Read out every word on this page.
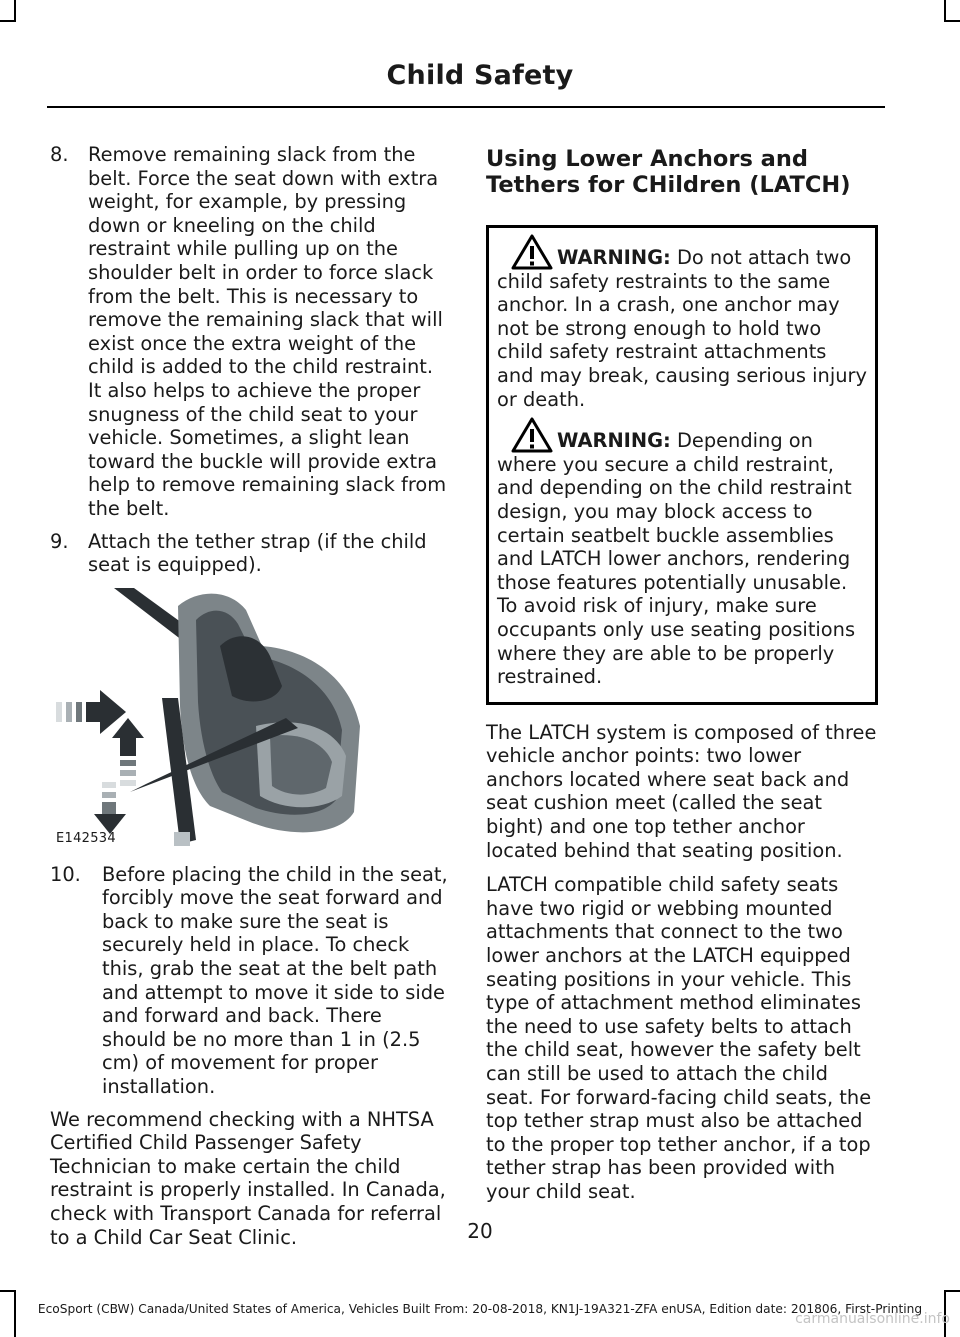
Child Safety
8.	Remove remaining slack from the belt. Force the seat down with extra weight, for example, by pressing down or kneeling on the child restraint while pulling up on the shoulder belt in order to force slack from the belt. This is necessary to remove the remaining slack that will exist once the extra weight of the child is added to the child restraint. It also helps to achieve the proper snugness of the child seat to your vehicle. Sometimes, a slight lean toward the buckle will provide extra help to remove remaining slack from the belt.
9.	Attach the tether strap (if the child seat is equipped).
E142534
10.	Before placing the child in the seat, forcibly move the seat forward and back to make sure the seat is securely held in place. To check this, grab the seat at the belt path and attempt to move it side to side and forward and back. There should be no more than 1 in (2.5 cm) of movement for proper installation.

We recommend checking with a NHTSA Certified Child Passenger Safety Technician to make certain the child restraint is properly installed. In Canada, check with Transport Canada for referral to a Child Car Seat Clinic.

Using Lower Anchors and Tethers for CHildren (LATCH)
WARNING: Do not attach two child safety restraints to the same anchor. In a crash, one anchor may not be strong enough to hold two child safety restraint attachments and may break, causing serious injury or death.
WARNING: Depending on where you secure a child restraint, and depending on the child restraint design, you may block access to certain seatbelt buckle assemblies and LATCH lower anchors, rendering those features potentially unusable. To avoid risk of injury, make sure occupants only use seating positions where they are able to be properly restrained.

The LATCH system is composed of three vehicle anchor points: two lower anchors located where seat back and seat cushion meet (called the seat bight) and one top tether anchor located behind that seating position.

LATCH compatible child safety seats have two rigid or webbing mounted attachments that connect to the two lower anchors at the LATCH equipped seating positions in your vehicle. This type of attachment method eliminates the need to use safety belts to attach the child seat, however the safety belt can still be used to attach the child seat. For forward-facing child seats, the top tether strap must also be attached to the proper top tether anchor, if a top tether strap has been provided with your child seat.

20
EcoSport (CBW) Canada/United States of America, Vehicles Built From: 20-08-2018, KN1J-19A321-ZFA enUSA, Edition date: 201806, First-Printing
carmanualsonline.info
